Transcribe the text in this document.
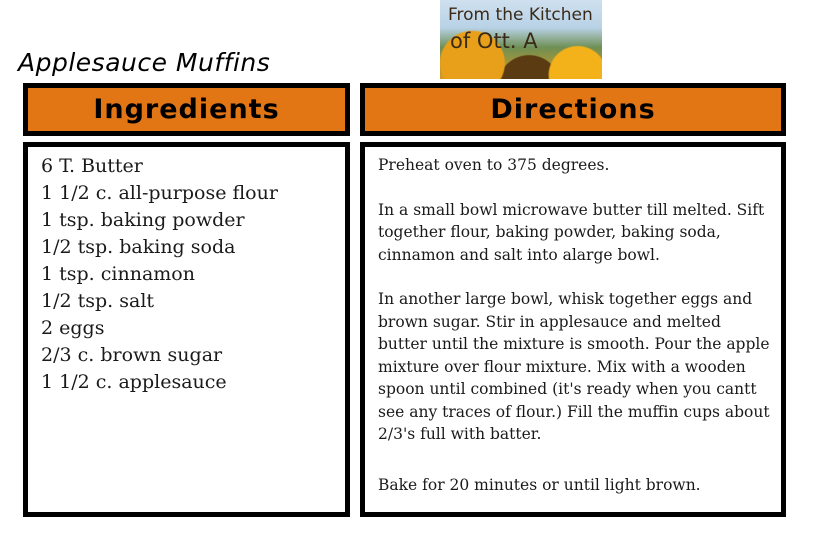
Applesauce Muffins
From the Kitchen
of Ott. A
Ingredients	Directions
6 T. Butter
1 1/2 c. all-purpose flour
1 tsp. baking powder
1/2 tsp. baking soda
1 tsp. cinnamon
1/2 tsp. salt
2 eggs
2/3 c. brown sugar
1 1/2 c. applesauce

Preheat oven to 375 degrees.

In a small bowl microwave butter till melted. Sift together flour, baking powder, baking soda, cinnamon and salt into alarge bowl.

In another large bowl, whisk together eggs and brown sugar. Stir in applesauce and melted butter until the mixture is smooth. Pour the apple mixture over flour mixture. Mix with a wooden spoon until combined (it's ready when you cantt see any traces of flour.) Fill the muffin cups about 2/3's full with batter.

Bake for 20 minutes or until light brown.
